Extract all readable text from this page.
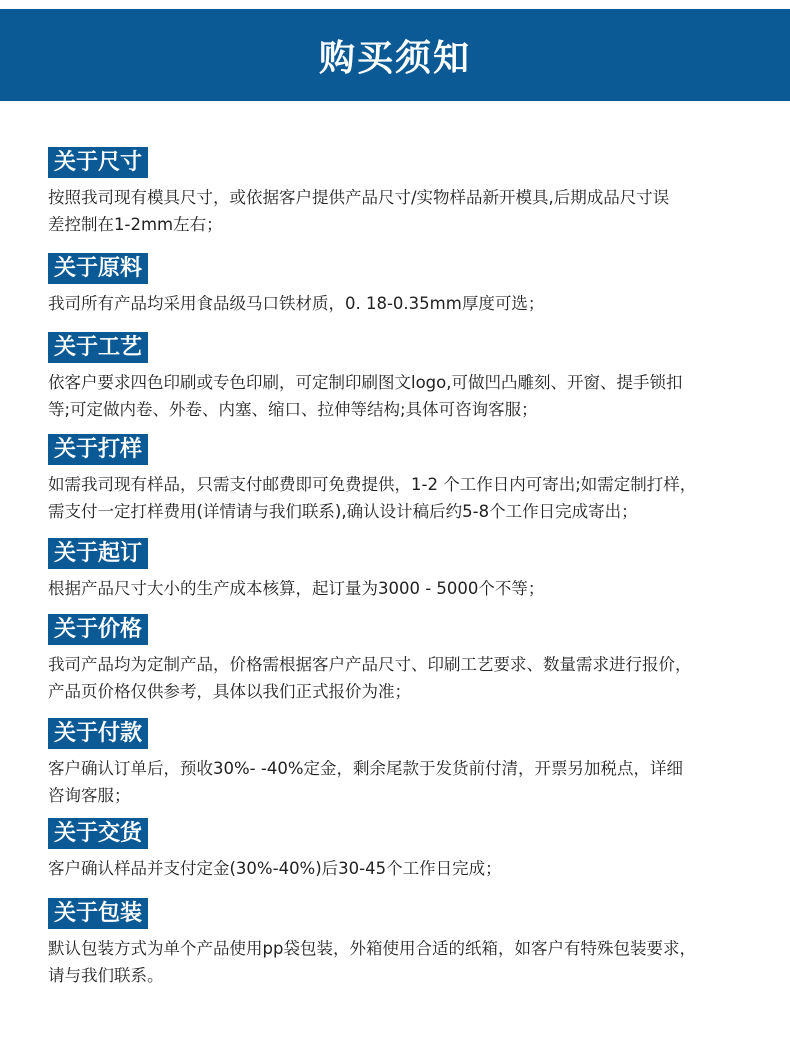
购买须知
关于尺寸
按照我司现有模具尺寸，或依据客户提供产品尺寸/实物样品新开模具,后期成品尺寸误
差控制在1-2mm左右；
关于原料
我司所有产品均采用食品级马口铁材质，0. 18-0.35mm厚度可选；
关于工艺
依客户要求四色印刷或专色印刷，可定制印刷图文logo,可做凹凸雕刻、开窗、提手锁扣
等;可定做内卷、外卷、内塞、缩口、拉伸等结构;具体可咨询客服；
关于打样
如需我司现有样品，只需支付邮费即可免费提供，1-2 个工作日内可寄出;如需定制打样，
需支付一定打样费用(详情请与我们联系),确认设计稿后约5-8个工作日完成寄出；
关于起订
根据产品尺寸大小的生产成本核算，起订量为3000 - 5000个不等；
关于价格
我司产品均为定制产品，价格需根据客户产品尺寸、印刷工艺要求、数量需求进行报价，
产品页价格仅供参考，具体以我们正式报价为准；
关于付款
客户确认订单后，预收30%- -40%定金，剩余尾款于发货前付清，开票另加税点，详细
咨询客服；
关于交货
客户确认样品并支付定金(30%-40%)后30-45个工作日完成；
关于包装
默认包装方式为单个产品使用pp袋包装，外箱使用合适的纸箱，如客户有特殊包装要求，
请与我们联系。
